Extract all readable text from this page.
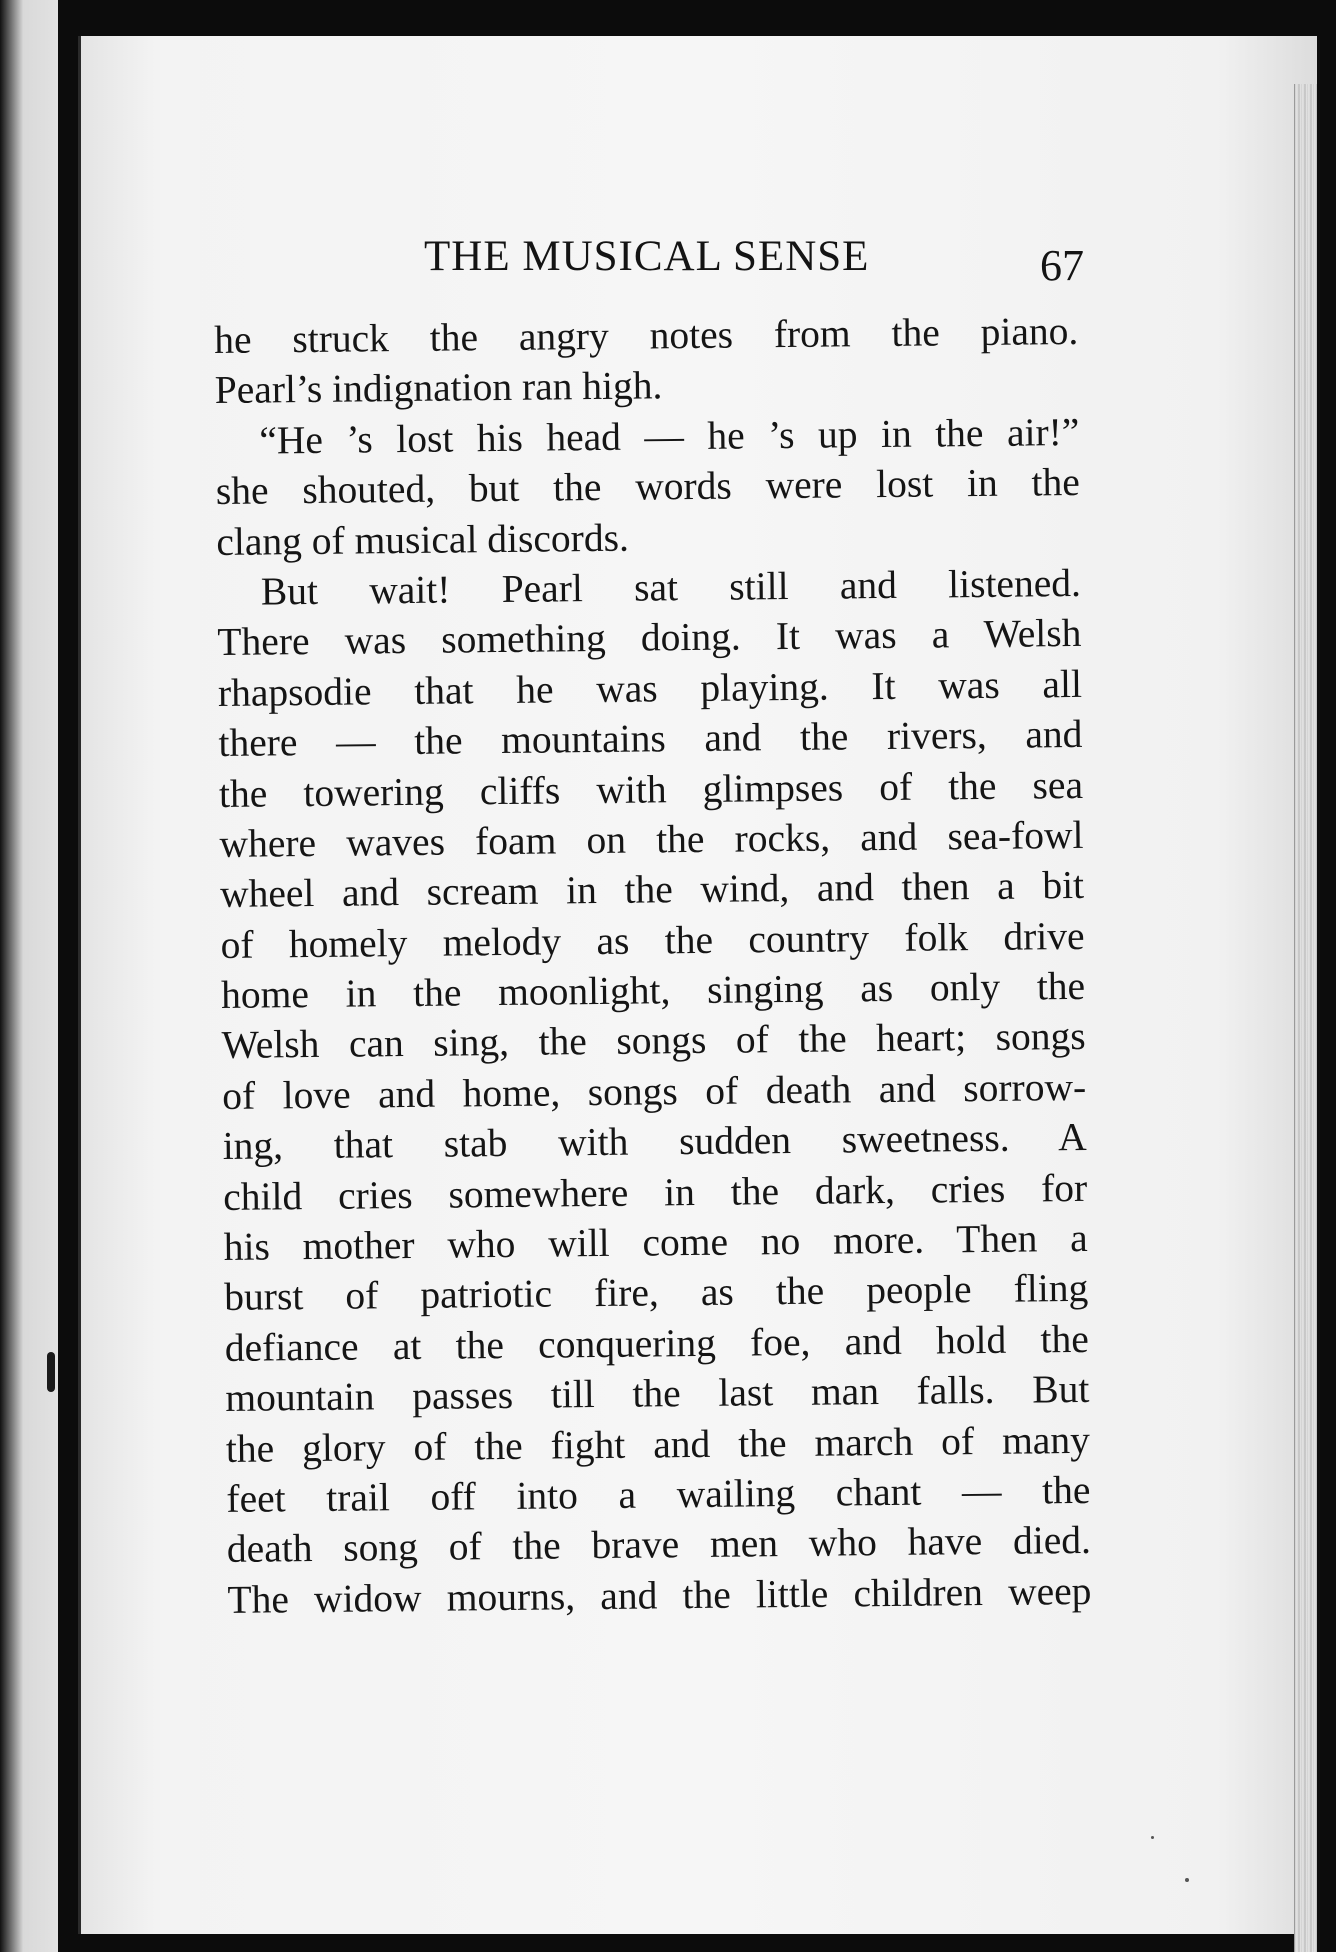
THE MUSICAL SENSE	67
he struck the angry notes from the piano.
Pearl’s indignation ran high.
“He ’s lost his head — he ’s up in the air!”
she shouted, but the words were lost in the
clang of musical discords.
But wait! Pearl sat still and listened.
There was something doing. It was a Welsh
rhapsodie that he was playing. It was all
there — the mountains and the rivers, and
the towering cliffs with glimpses of the sea
where waves foam on the rocks, and sea-fowl
wheel and scream in the wind, and then a bit
of homely melody as the country folk drive
home in the moonlight, singing as only the
Welsh can sing, the songs of the heart; songs
of love and home, songs of death and sorrow-
ing, that stab with sudden sweetness. A
child cries somewhere in the dark, cries for
his mother who will come no more. Then a
burst of patriotic fire, as the people fling
defiance at the conquering foe, and hold the
mountain passes till the last man falls. But
the glory of the fight and the march of many
feet trail off into a wailing chant — the
death song of the brave men who have died.
The widow mourns, and the little children weep
